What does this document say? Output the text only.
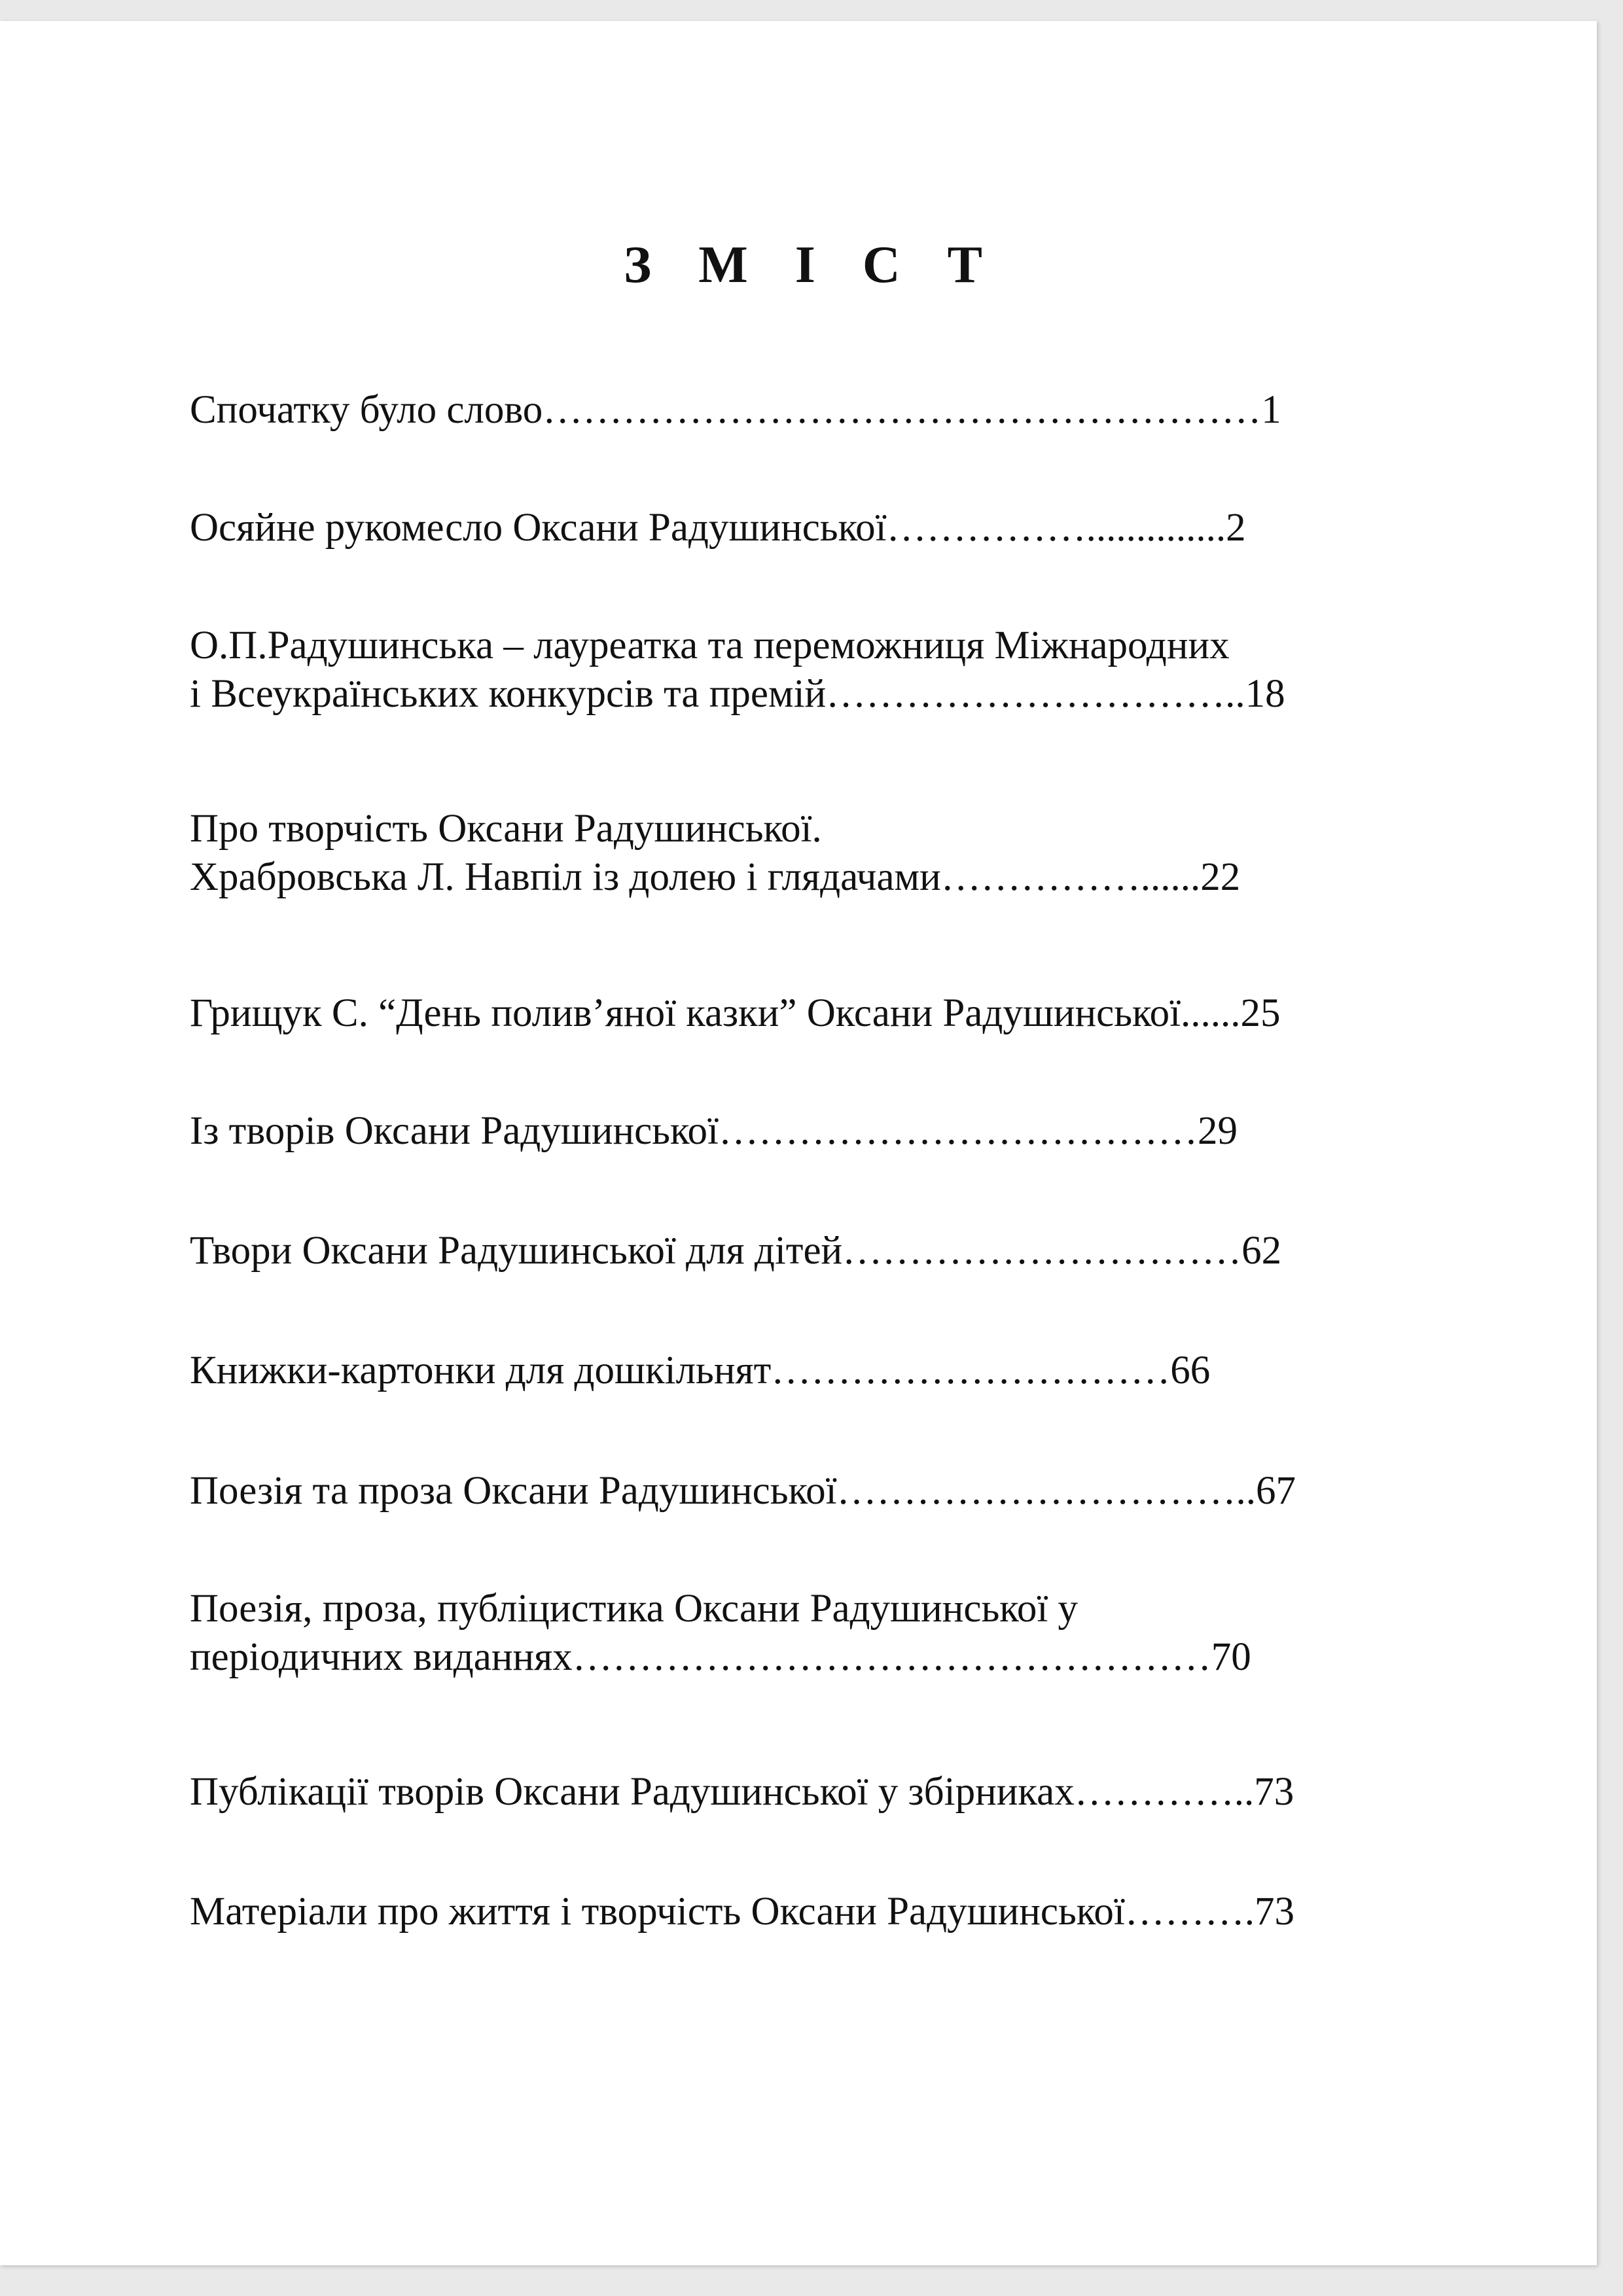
З М І С Т
Спочатку було слово………………………………………………1
Осяйне рукомесло Оксани Радушинської……………..............2
О.П.Радушинська – лауреатка та переможниця Міжнародних
і Всеукраїнських конкурсів та премій…………………………..18
Про творчість Оксани Радушинської.
Храбровська Л. Навпіл із долею і глядачами……………......22
Грищук С. “День полив’яної казки” Оксани Радушинської......25
Із творів Оксани Радушинської………………………………29
Твори Оксани Радушинської для дітей…………………………62
Книжки-картонки для дошкільнят…………………………66
Поезія та проза Оксани Радушинської…………………………..67
Поезія, проза, публіцистика Оксани Радушинської у
періодичних виданнях…………………………………………70
Публікації творів Оксани Радушинської у збірниках…………..73
Матеріали про життя і творчість Оксани Радушинської……….73
